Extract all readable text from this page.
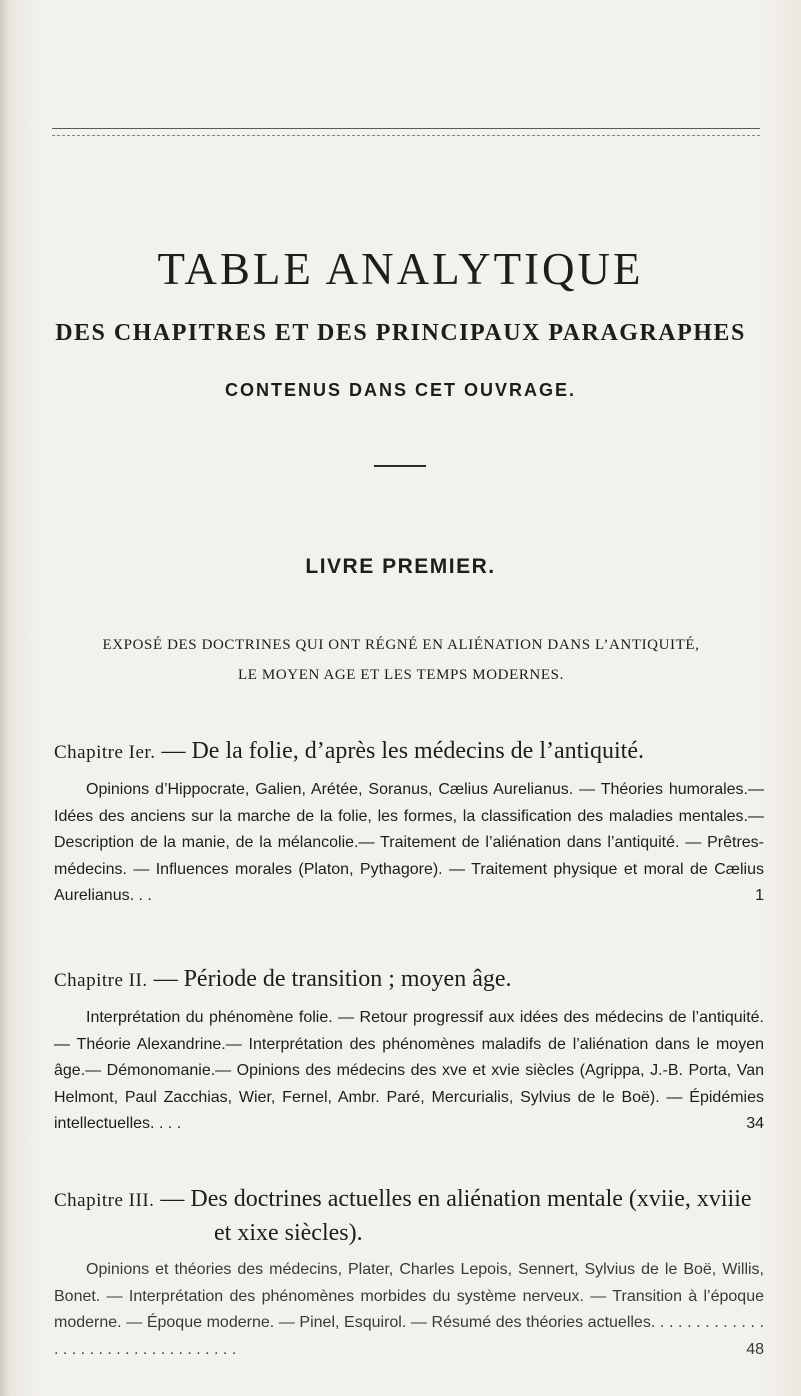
TABLE ANALYTIQUE
DES CHAPITRES ET DES PRINCIPAUX PARAGRAPHES
CONTENUS DANS CET OUVRAGE.
LIVRE PREMIER.

EXPOSÉ DES DOCTRINES QUI ONT RÉGNÉ EN ALIÉNATION DANS L’ANTIQUITÉ,

LE MOYEN AGE ET LES TEMPS MODERNES.

Chapitre Ier. — De la folie, d’après les médecins de l’antiquité.

Opinions d’Hippocrate, Galien, Arétée, Soranus, Cælius Aurelianus. — Théories humorales.— Idées des anciens sur la marche de la folie, les formes, la classification des maladies mentales.— Description de la manie, de la mélancolie.— Traitement de l’aliénation dans l’antiquité. — Prêtres-médecins. — Influences morales (Platon, Pythagore). — Traitement physique et moral de Cælius Aurelianus. . .	1

Chapitre II. — Période de transition ; moyen âge.

Interprétation du phénomène folie. — Retour progressif aux idées des médecins de l’antiquité.— Théorie Alexandrine.— Interprétation des phénomènes maladifs de l’aliénation dans le moyen âge.— Démonomanie.— Opinions des médecins des xve et xvie siècles (Agrippa, J.-B. Porta, Van Helmont, Paul Zacchias, Wier, Fernel, Ambr. Paré, Mercurialis, Sylvius de le Boë). — Épidémies intellectuelles. . . .	34

Chapitre III. — Des doctrines actuelles en aliénation mentale (xviie, xviiie et xixe siècles).

Opinions et théories des médecins, Plater, Charles Lepois, Sennert, Sylvius de le Boë, Willis, Bonet. — Interprétation des phénomènes morbides du système nerveux. — Transition à l’époque moderne. — Époque moderne. — Pinel, Esquirol. — Résumé des théories actuelles. . . . . . . . . . . . . . . . . . . . . . . . . . . . . . . . . .	48
